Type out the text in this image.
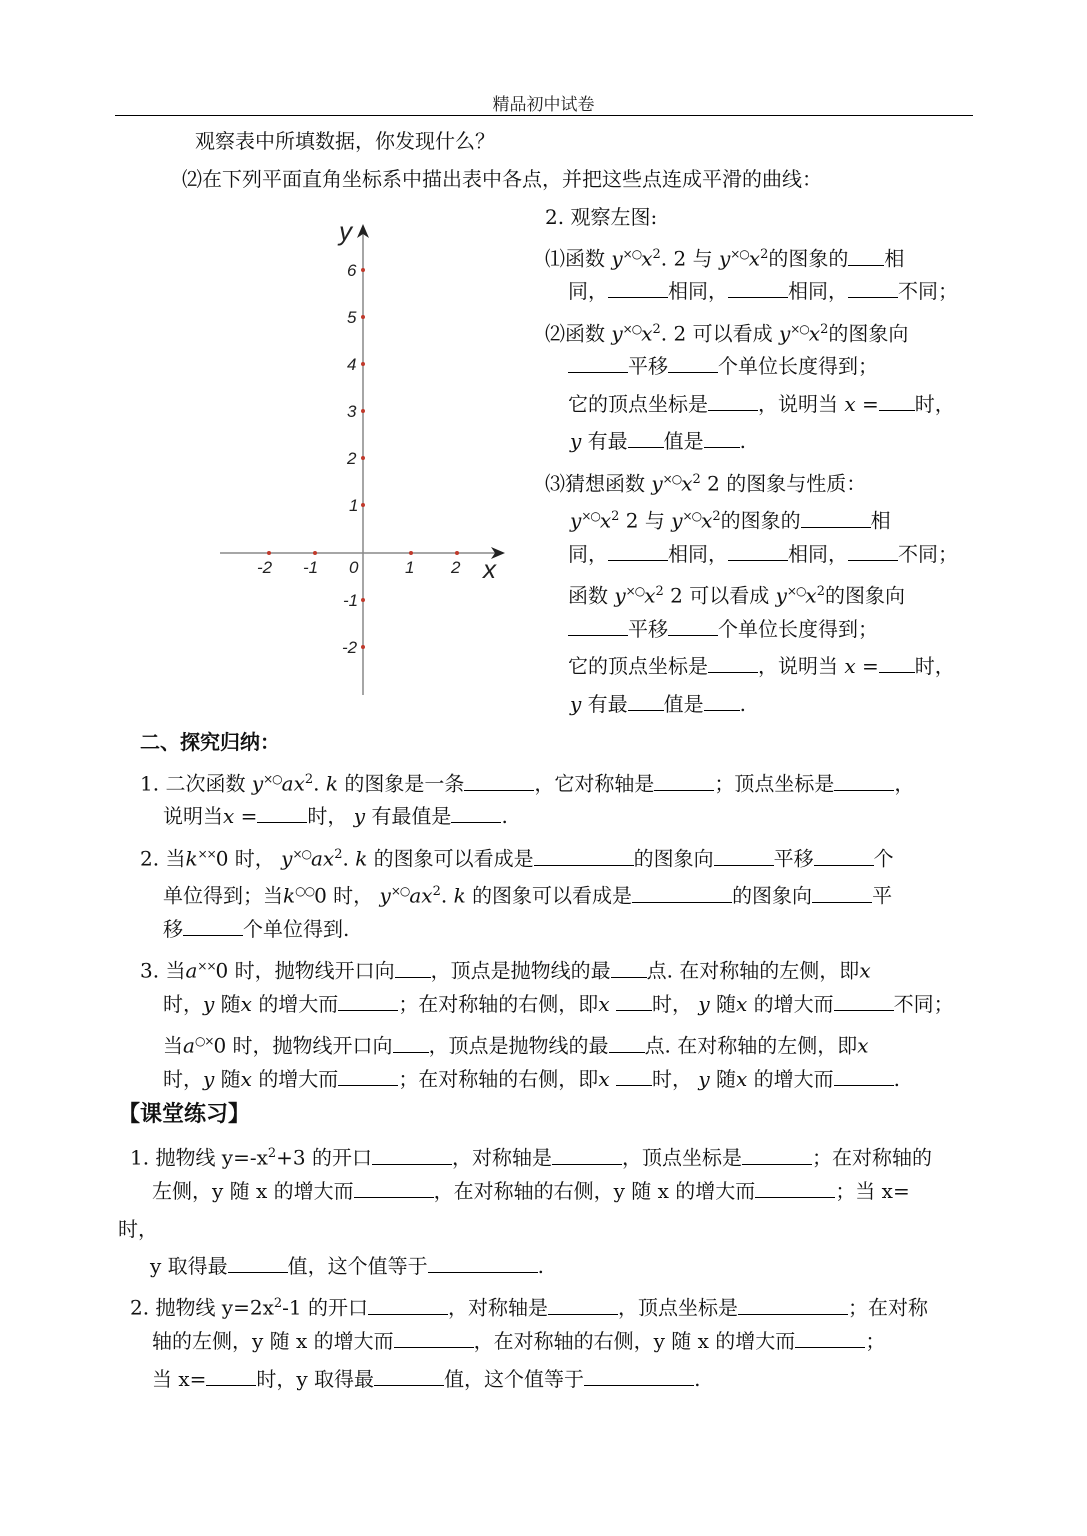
精品初中试卷
观察表中所填数据，你发现什么？
⑵在下列平面直角坐标系中描出表中各点，并把这些点连成平滑的曲线：
y
x
0
6
5
4
3
2
1
-1
-2
-2 -1	1 2
2. 观察左图:
⑴函数 $y^{\times○}x^2$. 2 与 $y^{\times○}x^2$的图象的 相
同，	相同，	相同，	不同；
⑵函数 $y^{\times○}x^2$. 2 可以看成 $y^{\times○}x^2$的图象向
平移	个单位长度得到；
它的顶点坐标是	，说明当 x = 时，
y 有最 值是 .
⑶猜想函数 $y^{\times○}x^2$ 2 的图象与性质：
$y^{\times○}x^2$ 2 与 $y^{\times○}x^2$的图象的	相
同，	相同，	相同，	不同；
函数 $y^{\times○}x^2$ 2 可以看成 $y^{\times○}x^2$的图象向
平移	个单位长度得到；
它的顶点坐标是	，说明当 x = 时，
y 有最 值是 .
二、探究归纳：
1. 二次函数 $y^{\times○}ax^2$. k 的图象是一条	，它对称轴是	；顶点坐标是	，
说明当x =	时， y 有最值是	.
2. 当k××0 时， $y^{\times○}ax^2$. k 的图象可以看成是	的图象向	平移	个
单位得到；当k○○0 时， $y^{\times○}ax^2$. k 的图象可以看成是	的图象向	平
移	个单位得到.
3. 当a××0 时，抛物线开口向 ，顶点是抛物线的最 点. 在对称轴的左侧，即x
时，y 随x 的增大而	；在对称轴的右侧，即x 时， y 随x 的增大而	不同；
当a○×0 时，抛物线开口向 ，顶点是抛物线的最 点. 在对称轴的左侧，即x
时，y 随x 的增大而	；在对称轴的右侧，即x 时， y 随x 的增大而	.
【课堂练习】
1. 抛物线 $y=-x^2+3$ 的开口	，对称轴是	，顶点坐标是	；在对称轴的
左侧，y 随 x 的增大而	，在对称轴的右侧，y 随 x 的增大而	；当 x=
时，
y 取得最	值，这个值等于	.
2. 抛物线 $y=2x^2-1$ 的开口	，对称轴是	，顶点坐标是	；在对称
轴的左侧，y 随 x 的增大而	，在对称轴的右侧，y 随 x 的增大而	；
当 x=	时，y 取得最	值，这个值等于	.
